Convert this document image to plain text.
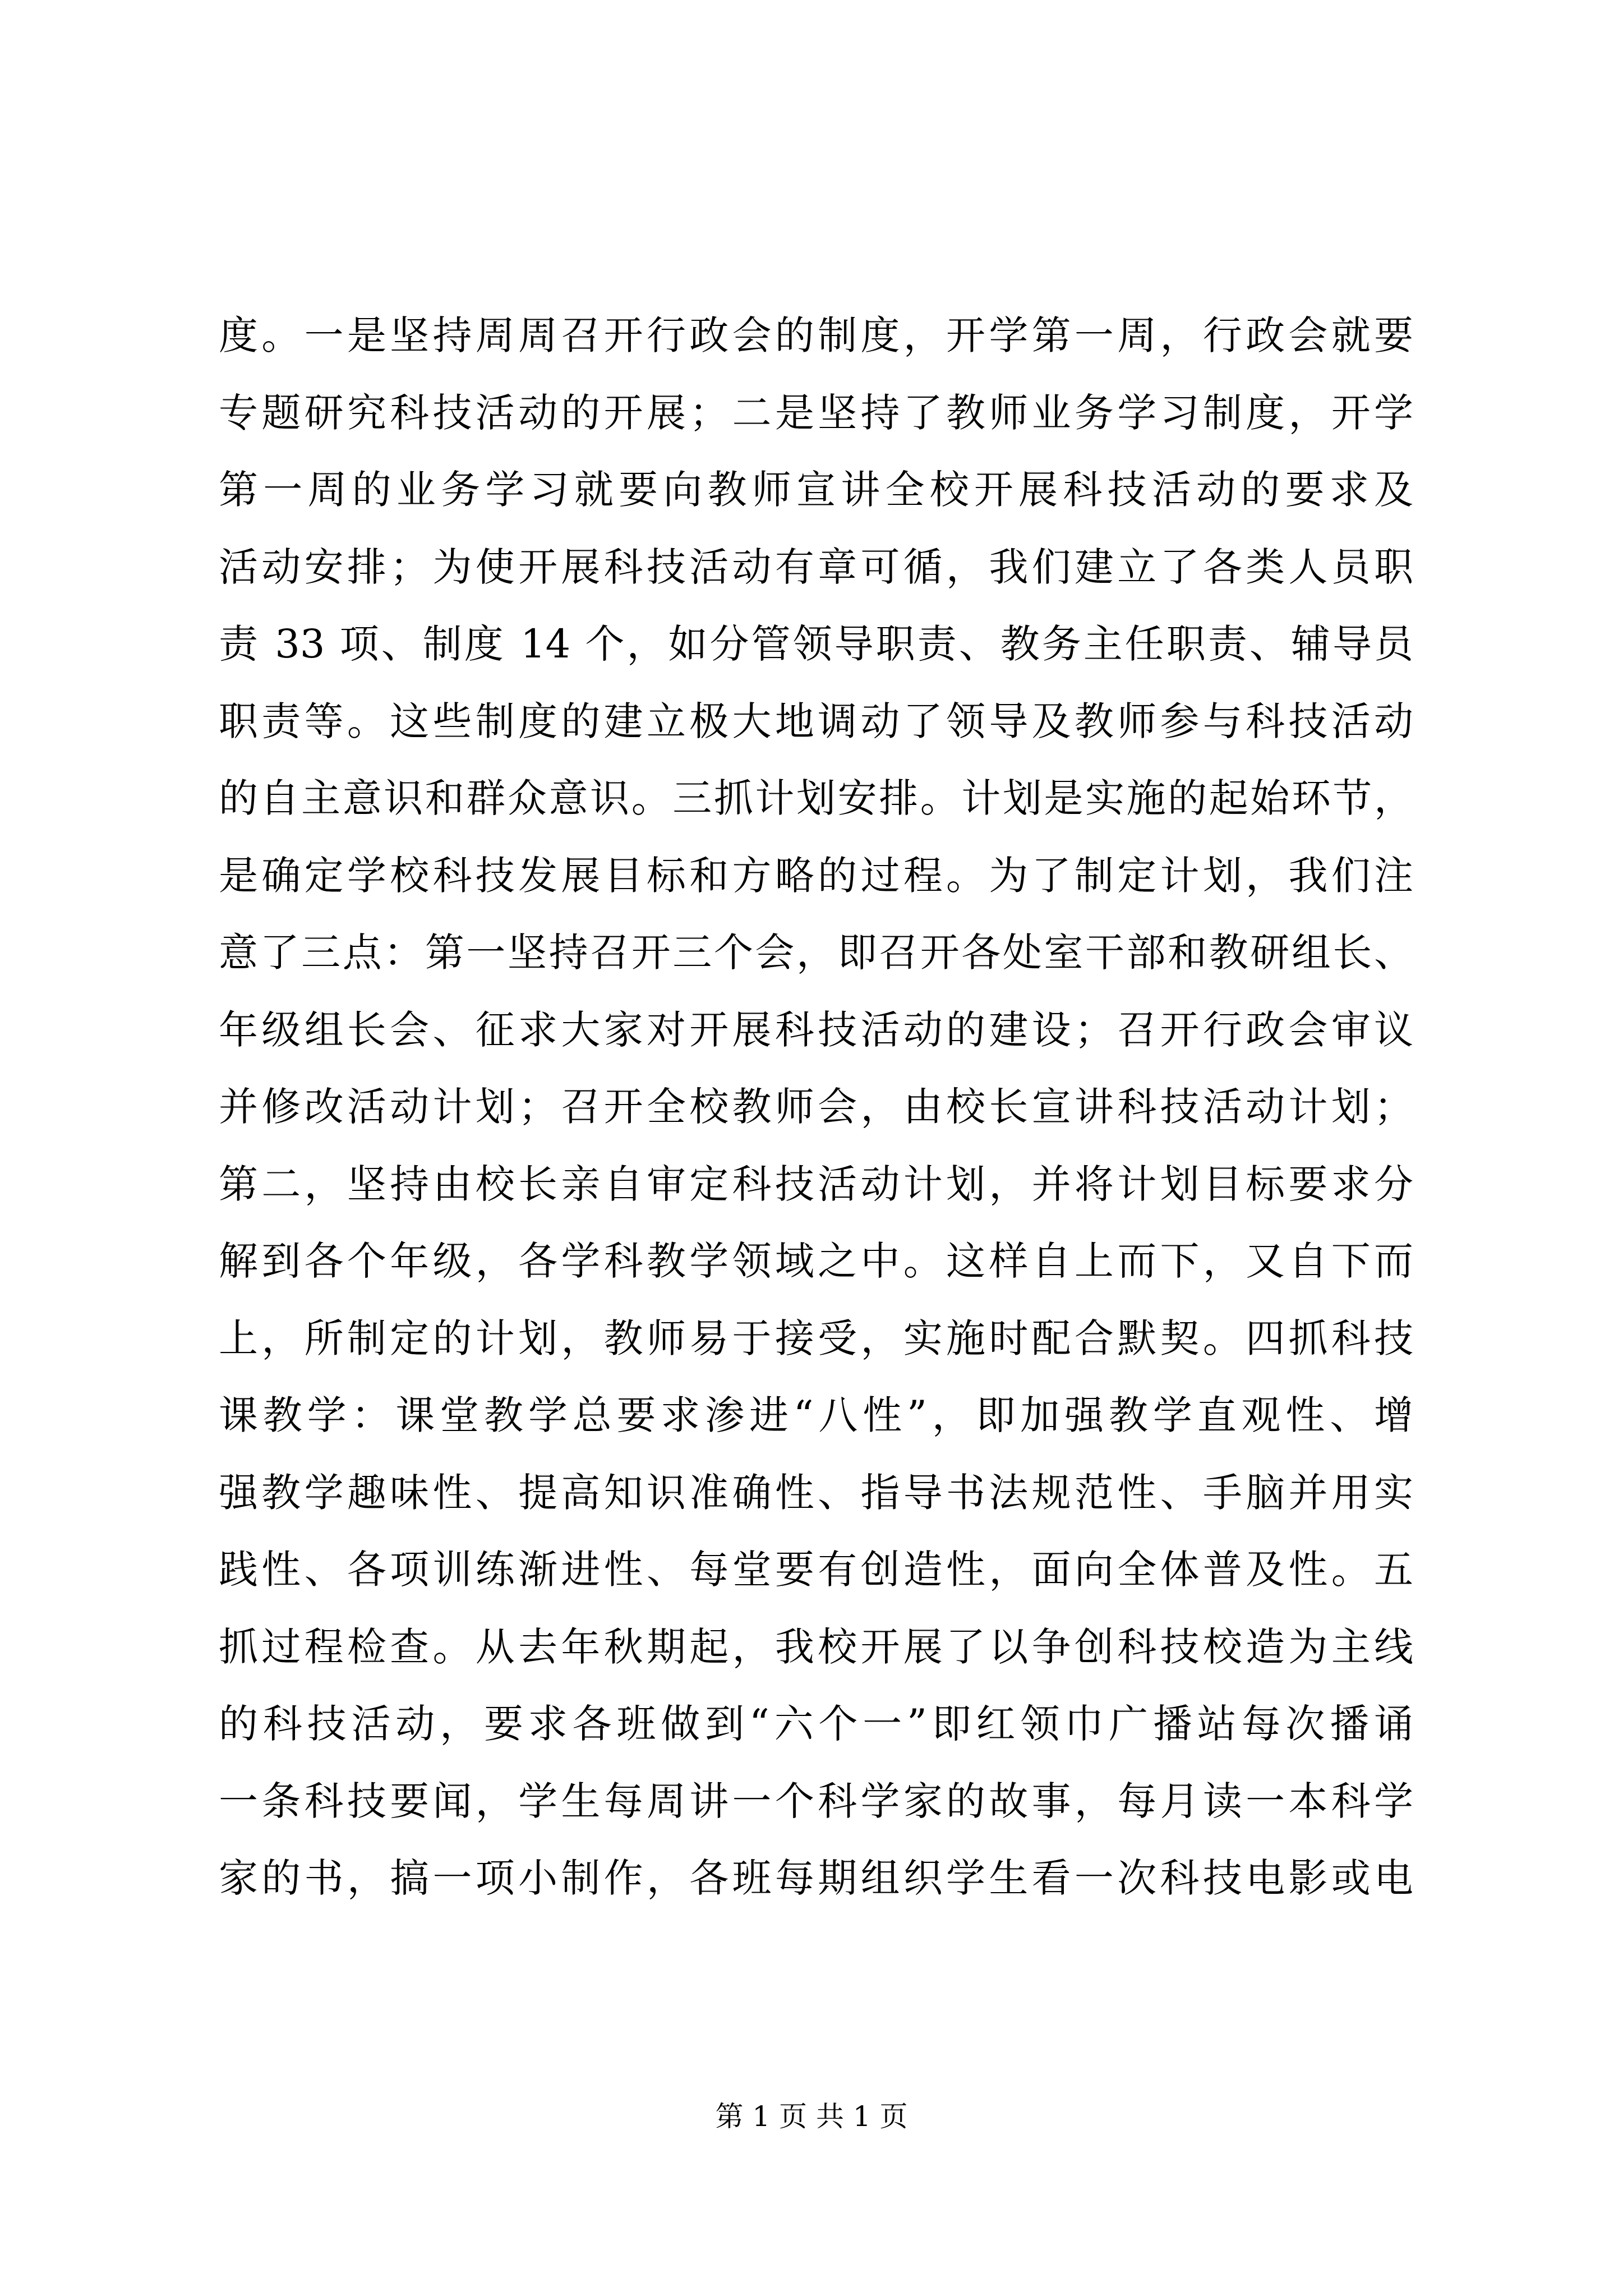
度。一是坚持周周召开行政会的制度，开学第一周，行政会就要
专题研究科技活动的开展；二是坚持了教师业务学习制度，开学
第一周的业务学习就要向教师宣讲全校开展科技活动的要求及
活动安排；为使开展科技活动有章可循，我们建立了各类人员职
责 33 项、制度 14 个，如分管领导职责、教务主任职责、辅导员
职责等。这些制度的建立极大地调动了领导及教师参与科技活动
的自主意识和群众意识。三抓计划安排。计划是实施的起始环节，
是确定学校科技发展目标和方略的过程。为了制定计划，我们注
意了三点：第一坚持召开三个会，即召开各处室干部和教研组长、
年级组长会、征求大家对开展科技活动的建设；召开行政会审议
并修改活动计划；召开全校教师会，由校长宣讲科技活动计划；
第二，坚持由校长亲自审定科技活动计划，并将计划目标要求分
解到各个年级，各学科教学领域之中。这样自上而下，又自下而
上，所制定的计划，教师易于接受，实施时配合默契。四抓科技
课教学：课堂教学总要求渗进“八性”，即加强教学直观性、增
强教学趣味性、提高知识准确性、指导书法规范性、手脑并用实
践性、各项训练渐进性、每堂要有创造性，面向全体普及性。五
抓过程检查。从去年秋期起，我校开展了以争创科技校造为主线
的科技活动，要求各班做到“六个一”即红领巾广播站每次播诵
一条科技要闻，学生每周讲一个科学家的故事，每月读一本科学
家的书，搞一项小制作，各班每期组织学生看一次科技电影或电
第 1 页 共 1 页
